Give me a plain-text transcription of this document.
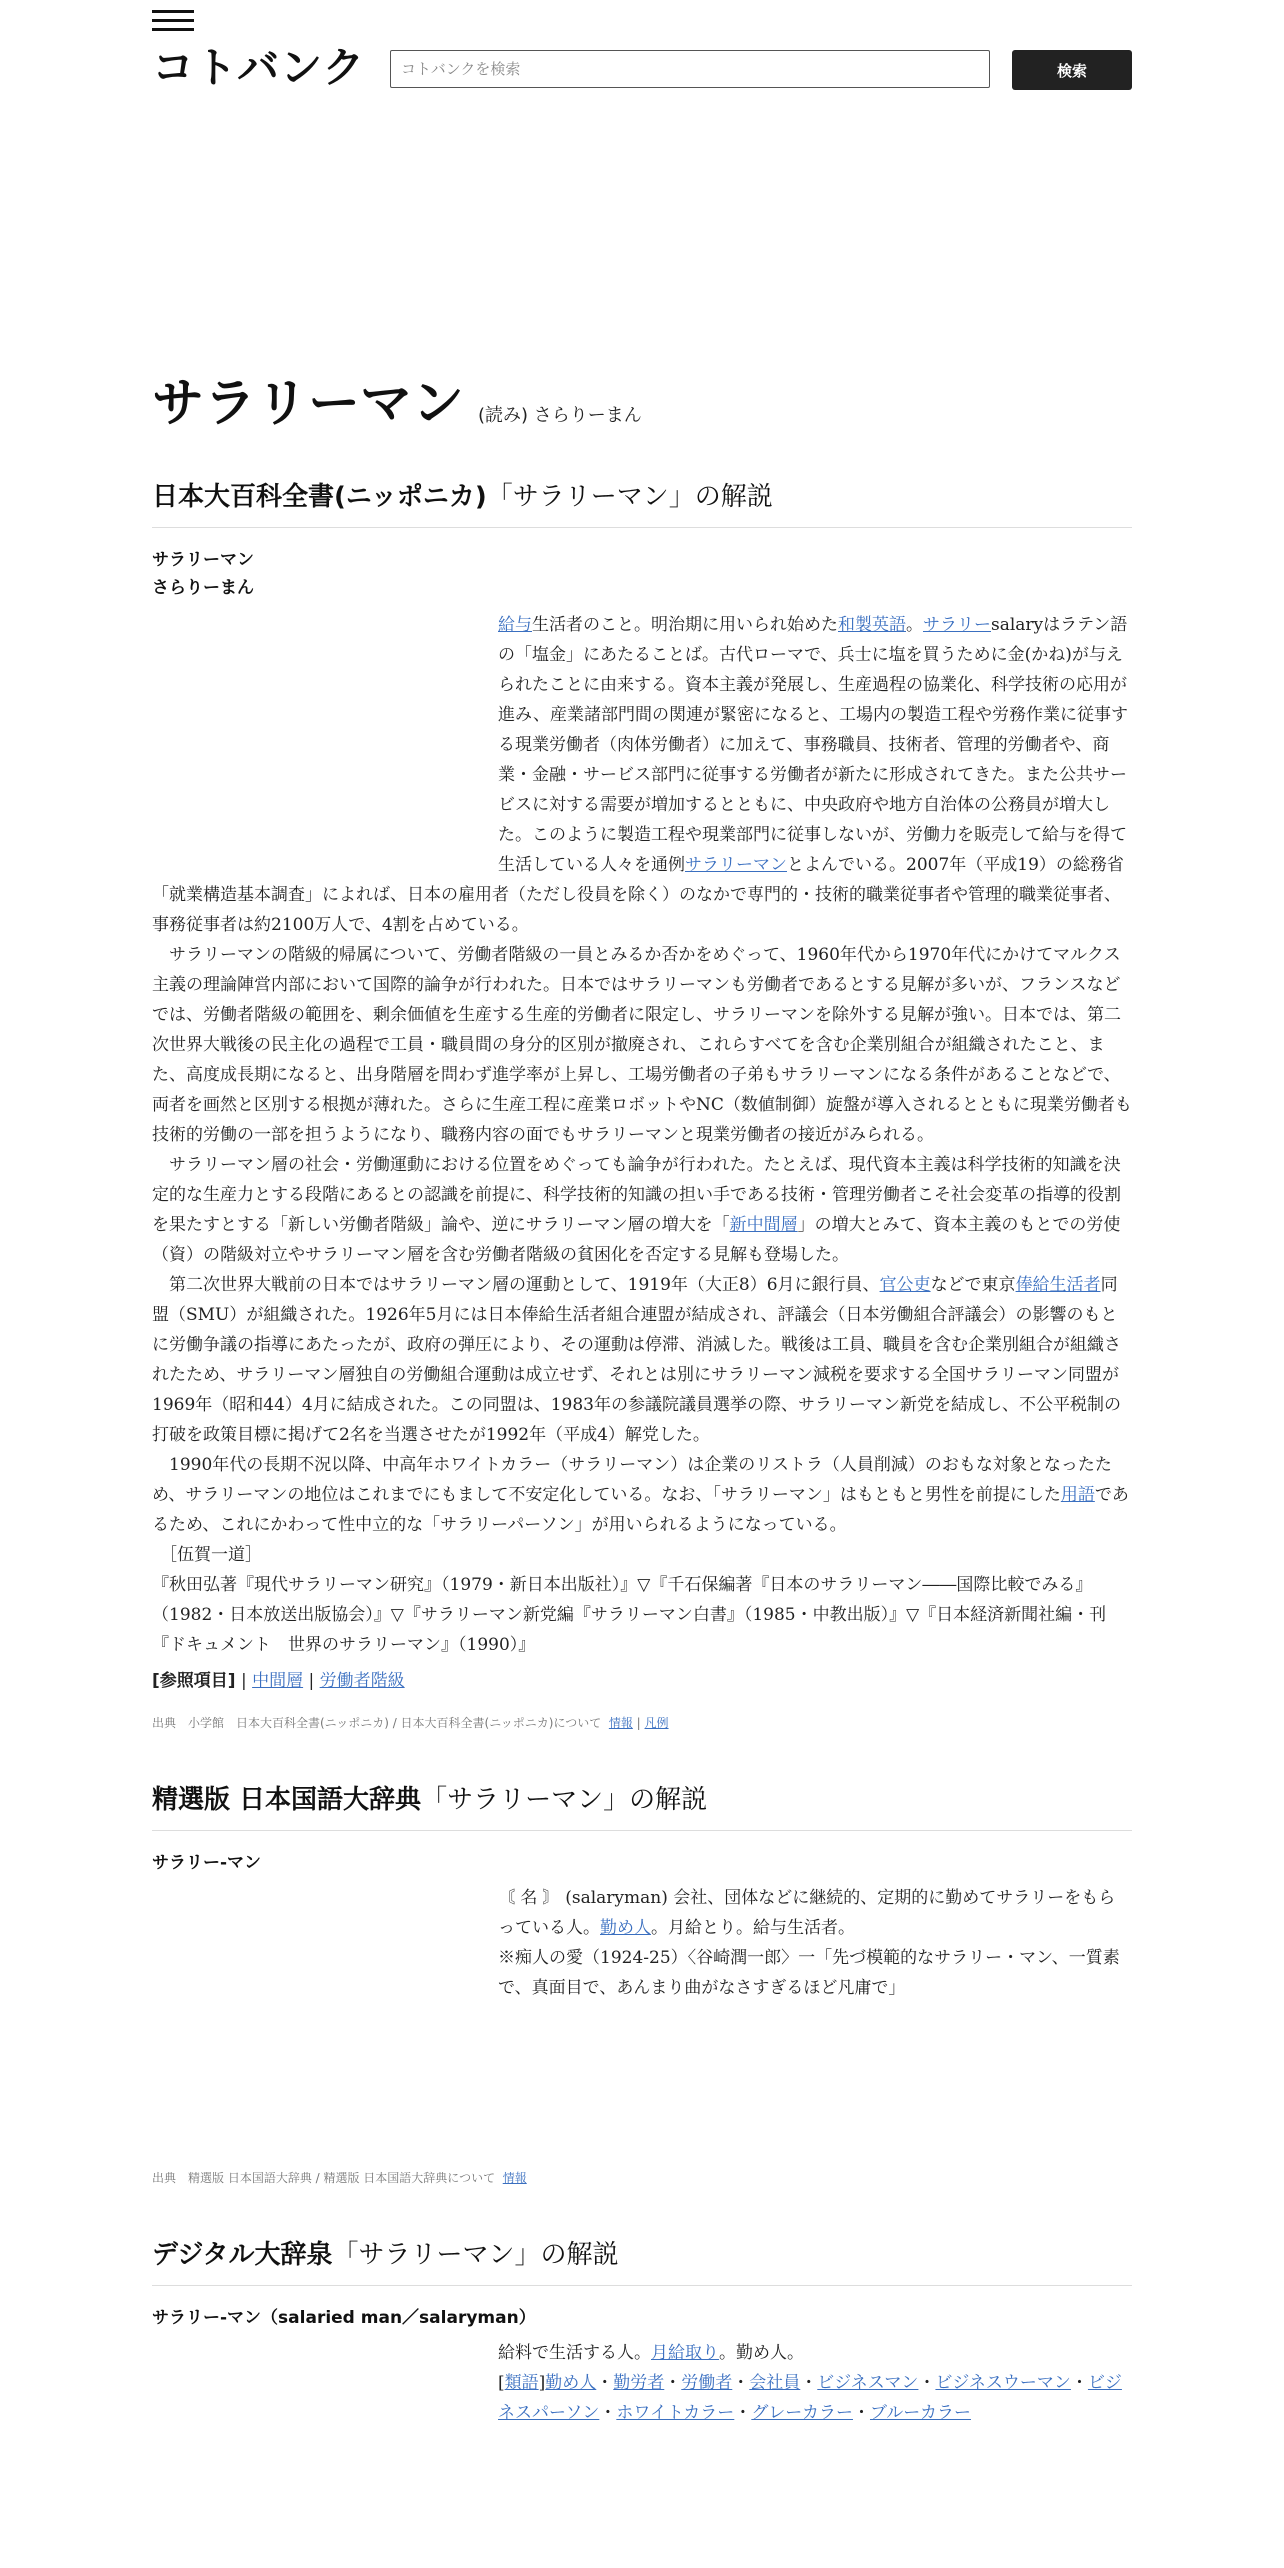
コトバンク
コトバンクを検索	検索
サラリーマン (読み) さらりーまん
日本大百科全書(ニッポニカ)「サラリーマン」の解説
サラリーマン
さらりーまん
給与生活者のこと。明治期に用いられ始めた和製英語。サラリーsalaryはラテン語の「塩金」にあたることば。古代ローマで、兵士に塩を買うために金(かね)が与えられたことに由来する。資本主義が発展し、生産過程の協業化、科学技術の応用が進み、産業諸部門間の関連が緊密になると、工場内の製造工程や労務作業に従事する現業労働者（肉体労働者）に加えて、事務職員、技術者、管理的労働者や、商業・金融・サービス部門に従事する労働者が新たに形成されてきた。また公共サービスに対する需要が増加するとともに、中央政府や地方自治体の公務員が増大した。このように製造工程や現業部門に従事しないが、労働力を販売して給与を得て生活している人々を通例サラリーマンとよんでいる。2007年（平成19）の総務省「就業構造基本調査」によれば、日本の雇用者（ただし役員を除く）のなかで専門的・技術的職業従事者や管理的職業従事者、事務従事者は約2100万人で、4割を占めている。

サラリーマンの階級的帰属について、労働者階級の一員とみるか否かをめぐって、1960年代から1970年代にかけてマルクス主義の理論陣営内部において国際的論争が行われた。日本ではサラリーマンも労働者であるとする見解が多いが、フランスなどでは、労働者階級の範囲を、剰余価値を生産する生産的労働者に限定し、サラリーマンを除外する見解が強い。日本では、第二次世界大戦後の民主化の過程で工員・職員間の身分的区別が撤廃され、これらすべてを含む企業別組合が組織されたこと、また、高度成長期になると、出身階層を問わず進学率が上昇し、工場労働者の子弟もサラリーマンになる条件があることなどで、両者を画然と区別する根拠が薄れた。さらに生産工程に産業ロボットやNC（数値制御）旋盤が導入されるとともに現業労働者も技術的労働の一部を担うようになり、職務内容の面でもサラリーマンと現業労働者の接近がみられる。

サラリーマン層の社会・労働運動における位置をめぐっても論争が行われた。たとえば、現代資本主義は科学技術的知識を決定的な生産力とする段階にあるとの認識を前提に、科学技術的知識の担い手である技術・管理労働者こそ社会変革の指導的役割を果たすとする「新しい労働者階級」論や、逆にサラリーマン層の増大を「新中間層」の増大とみて、資本主義のもとでの労使（資）の階級対立やサラリーマン層を含む労働者階級の貧困化を否定する見解も登場した。

第二次世界大戦前の日本ではサラリーマン層の運動として、1919年（大正8）6月に銀行員、官公吏などで東京俸給生活者同盟（SMU）が組織された。1926年5月には日本俸給生活者組合連盟が結成され、評議会（日本労働組合評議会）の影響のもとに労働争議の指導にあたったが、政府の弾圧により、その運動は停滞、消滅した。戦後は工員、職員を含む企業別組合が組織されたため、サラリーマン層独自の労働組合運動は成立せず、それとは別にサラリーマン減税を要求する全国サラリーマン同盟が1969年（昭和44）4月に結成された。この同盟は、1983年の参議院議員選挙の際、サラリーマン新党を結成し、不公平税制の打破を政策目標に掲げて2名を当選させたが1992年（平成4）解党した。

1990年代の長期不況以降、中高年ホワイトカラー（サラリーマン）は企業のリストラ（人員削減）のおもな対象となったため、サラリーマンの地位はこれまでにもまして不安定化している。なお、「サラリーマン」はもともと男性を前提にした用語であるため、これにかわって性中立的な「サラリーパーソン」が用いられるようになっている。

［伍賀一道］
『秋田弘著『現代サラリーマン研究』（1979・新日本出版社）』▽『千石保編著『日本のサラリーマン――国際比較でみる』（1982・日本放送出版協会）』▽『サラリーマン新党編『サラリーマン白書』（1985・中教出版）』▽『日本経済新聞社編・刊『ドキュメント　世界のサラリーマン』（1990）』
[参照項目] | 中間層 | 労働者階級
出典　小学館　日本大百科全書(ニッポニカ) / 日本大百科全書(ニッポニカ)について 情報 | 凡例
精選版 日本国語大辞典「サラリーマン」の解説
サラリー-マン
〘 名 〙 (salaryman) 会社、団体などに継続的、定期的に勤めてサラリーをもらっている人。勤め人。月給とり。給与生活者。
※痴人の愛（1924-25）〈谷崎潤一郎〉一「先づ模範的なサラリー・マン、一質素で、真面目で、あんまり曲がなさすぎるほど凡庸で」
出典　精選版 日本国語大辞典 / 精選版 日本国語大辞典について 情報
デジタル大辞泉「サラリーマン」の解説
サラリー-マン（salaried man／salaryman）
給料で生活する人。月給取り。勤め人。
[類語]勤め人・勤労者・労働者・会社員・ビジネスマン・ビジネスウーマン・ビジネスパーソン・ホワイトカラー・グレーカラー・ブルーカラー
